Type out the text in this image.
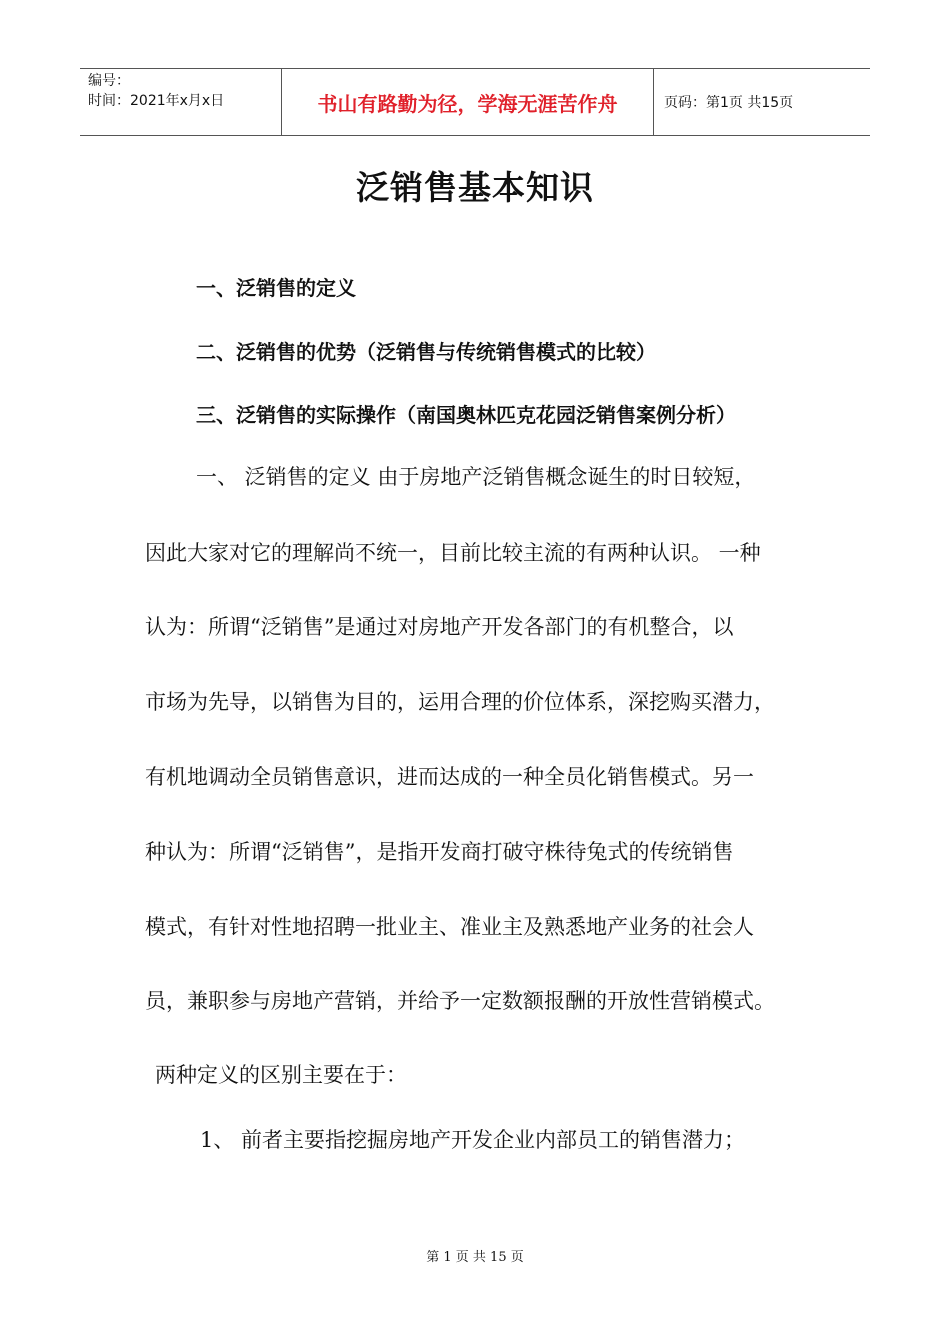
编号：
时间：2021年x月x日	书山有路勤为径，学海无涯苦作舟	页码：第1页 共15页
泛销售基本知识
一、泛销售的定义
二、泛销售的优势（泛销售与传统销售模式的比较）
三、泛销售的实际操作（南国奥林匹克花园泛销售案例分析）
一、 泛销售的定义 由于房地产泛销售概念诞生的时日较短，
因此大家对它的理解尚不统一，目前比较主流的有两种认识。 一种
认为：所谓“泛销售”是通过对房地产开发各部门的有机整合，以
市场为先导，以销售为目的，运用合理的价位体系，深挖购买潜力，
有机地调动全员销售意识，进而达成的一种全员化销售模式。另一
种认为：所谓“泛销售”，是指开发商打破守株待兔式的传统销售
模式，有针对性地招聘一批业主、准业主及熟悉地产业务的社会人
员，兼职参与房地产营销，并给予一定数额报酬的开放性营销模式。
两种定义的区别主要在于：
1、 前者主要指挖掘房地产开发企业内部员工的销售潜力；
第 1 页 共 15 页
